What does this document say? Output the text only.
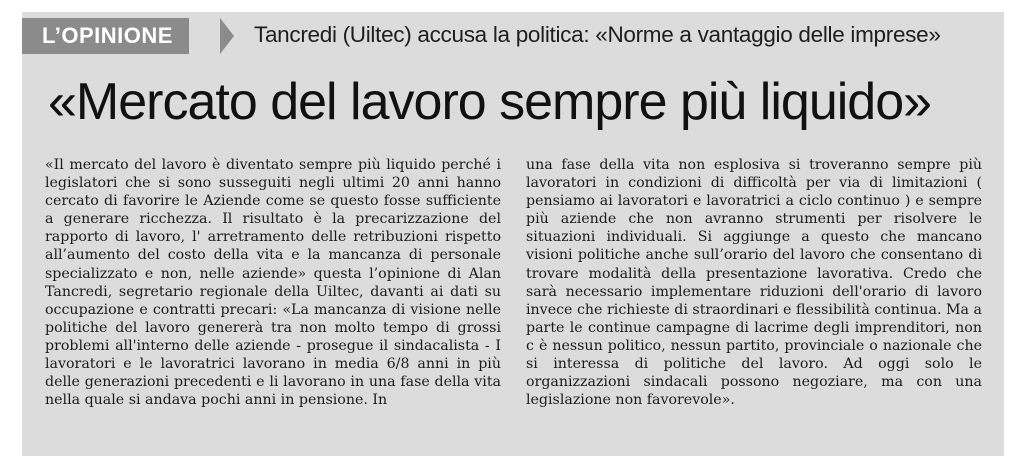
L’OPINIONE	Tancredi (Uiltec) accusa la politica: «Norme a vantaggio delle imprese»
«Mercato del lavoro sempre più liquido»

«Il mercato del lavoro è diventato sempre più liquido perché i legislatori che si sono susseguiti negli ultimi 20 anni hanno cercato di favorire le Aziende come se questo fosse sufficiente a generare ricchezza. Il risultato è la precarizzazione del rapporto di lavoro, l' arretramento delle retribuzioni rispetto all’aumento del costo della vita e la mancanza di personale specializzato e non, nelle aziende» questa l’opinione di Alan Tancredi, segretario regionale della Uiltec, davanti ai dati su occupazione e contratti precari: «La mancanza di visione nelle politiche del lavoro genererà tra non molto tempo di grossi problemi all'interno delle aziende - prosegue il sindacalista - I lavoratori e le lavoratrici lavorano in media 6/8 anni in più delle generazioni precedenti e li lavorano in una fase della vita nella quale si andava pochi anni in pensione. In

una fase della vita non esplosiva si troveranno sempre più lavoratori in condizioni di difficoltà per via di limitazioni ( pensiamo ai lavoratori e lavoratrici a ciclo continuo ) e sempre più aziende che non avranno strumenti per risolvere le situazioni individuali. Si aggiunge a questo che mancano visioni politiche anche sull’orario del lavoro che consentano di trovare modalità della presentazione lavorativa. Credo che sarà necessario implementare riduzioni dell'orario di lavoro invece che richieste di straordinari e flessibilità continua. Ma a parte le continue campagne di lacrime degli imprenditori, non c è nessun politico, nessun partito, provinciale o nazionale che si interessa di politiche del lavoro. Ad oggi solo le organizzazioni sindacali possono negoziare, ma con una legislazione non favorevole».
